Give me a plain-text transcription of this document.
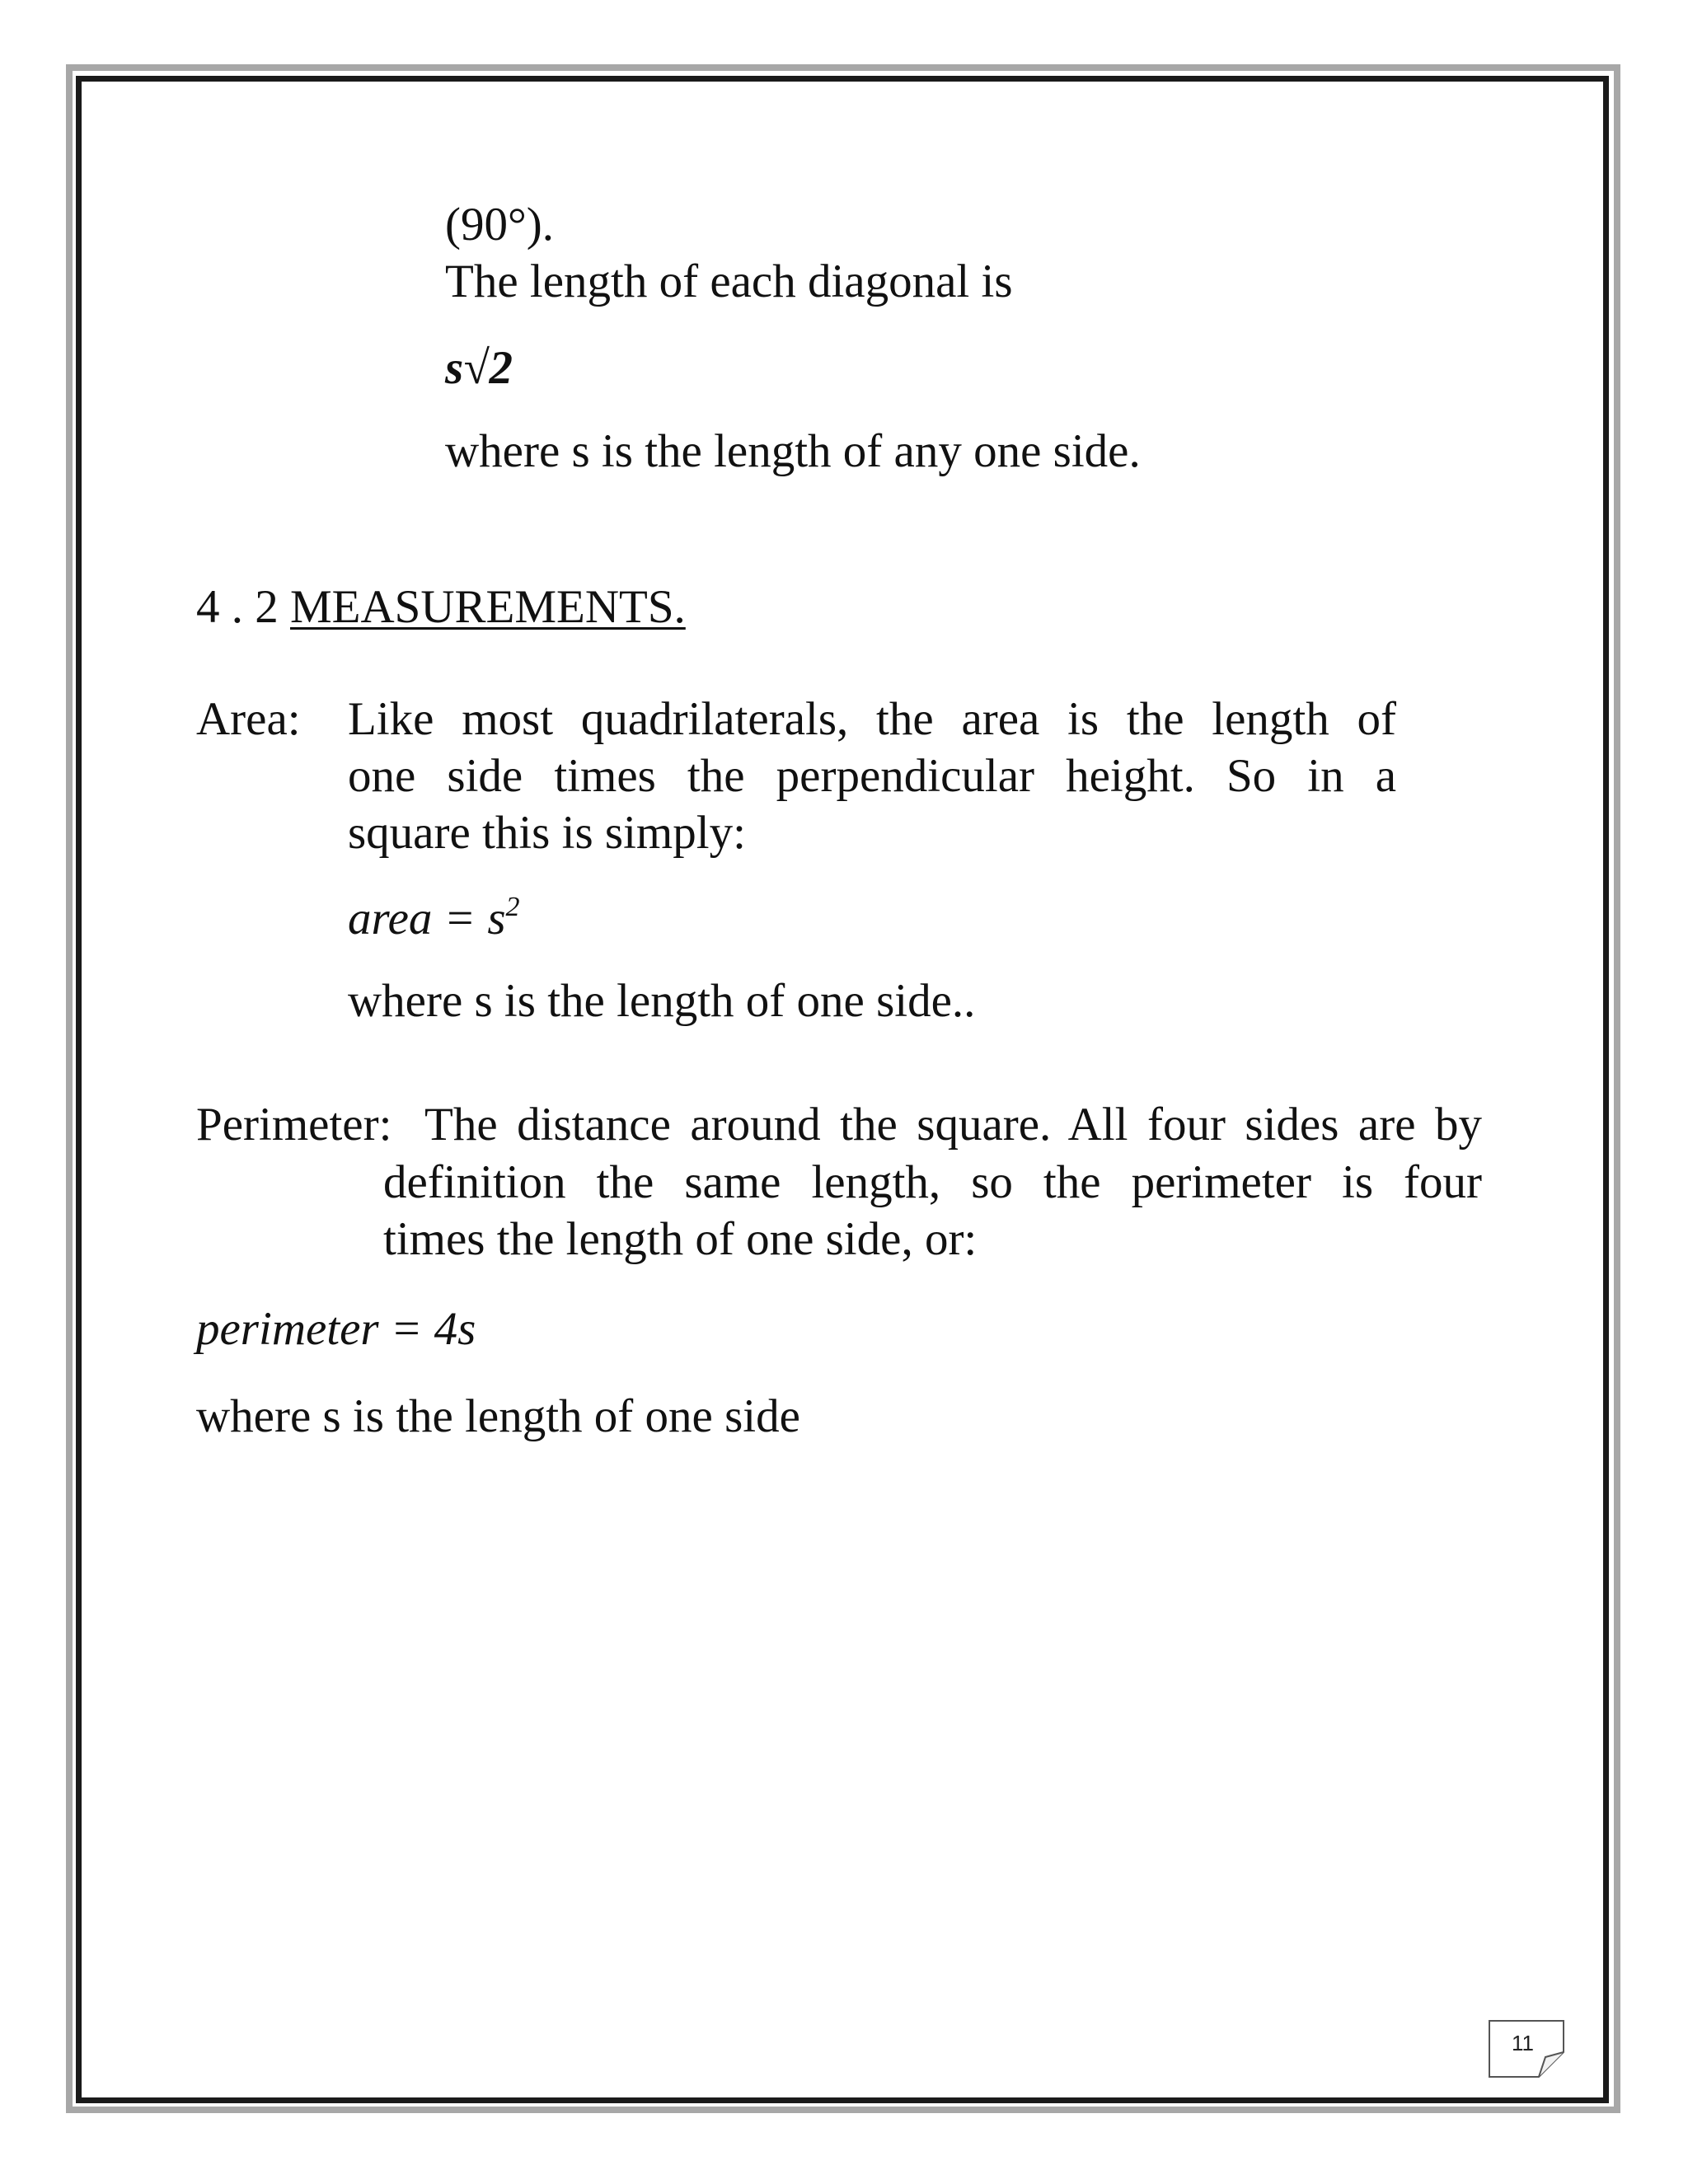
(90°).
The length of each diagonal is
s√2
where s is the length of any one side.
4 . 2 MEASUREMENTS.
Area: Like most quadrilaterals, the area is the length of
one side times the perpendicular height. So in a
square this is simply:
area = $s^2$
where s is the length of one side..
Perimeter: The distance around the square. All four sides are by
definition the same length, so the perimeter is four
times the length of one side, or:
perimeter = 4s
where s is the length of one side
11
